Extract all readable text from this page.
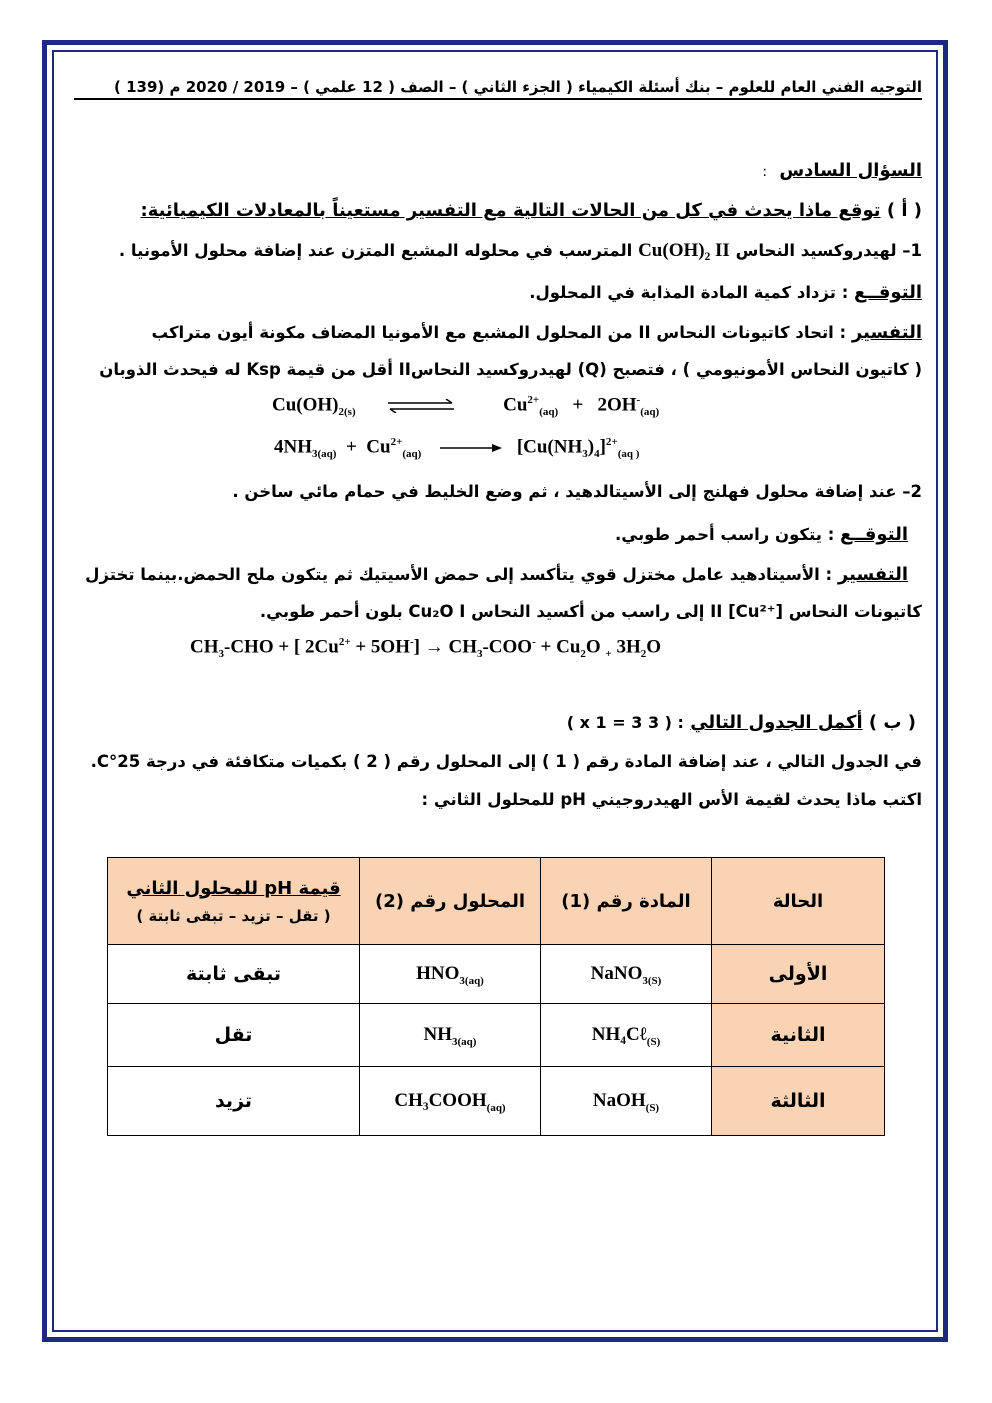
التوجيه الفني العام للعلوم – بنك أسئلة الكيمياء ( الجزء الثاني ) – الصف ( 12 علمي ) – 2019 / 2020 م (139 )
السؤال السادس :
( أ ) توقع ماذا يحدث في كل من الحالات التالية مع التفسير مستعيناً بالمعادلات الكيميائية:
1– لهيدروكسيد النحاس Cu(OH)₂ II المترسب في محلوله المشبع المتزن عند إضافة محلول الأمونيا .
التوقــع : تزداد كمية المادة المذابة في المحلول.
التفسير : اتحاد كاتيونات النحاس II من المحلول المشبع مع الأمونيا المضاف مكونة أيون متراكب
( كاتيون النحاس الأمونيومي ) ، فتصبح (Q) لهيدروكسيد النحاسII أقل من قيمة Ksp له فيحدث الذوبان
$Cu(OH)_{2(s)}$	$Cu^{2+}_{(aq)} + 2OH^-_{(aq)}$
$4NH_{3(aq)} + Cu^{2+}_{(aq)} \to [Cu(NH_3)_4]^{2+}_{(aq )}$
2– عند إضافة محلول فهلنج إلى الأسيتالدهيد ، ثم وضع الخليط في حمام مائي ساخن .
التوقــع : يتكون راسب أحمر طوبي.
التفسير : الأسيتادهيد عامل مختزل قوي يتأكسد إلى حمض الأسيتيك ثم يتكون ملح الحمض.بينما تختزل
كاتيونات النحاس II [Cu²⁺] إلى راسب من أكسيد النحاس Cu₂O I بلون أحمر طوبي.
$CH_3$-CHO + [ $2Cu^{2+} + 5OH^-] \to CH_3-COO^- + Cu_2O$ $_+$ $3H_2O$
( ب ) أكمل الجدول التالي : ( 3 x 1 = 3 )
في الجدول التالي ، عند إضافة المادة رقم ( 1 ) إلى المحلول رقم ( 2 ) بكميات متكافئة في درجة 25°C.
اكتب ماذا يحدث لقيمة الأس الهيدروجيني pH للمحلول الثاني :
الحالة	المادة رقم (1)	المحلول رقم (2)	قيمة pH للمحلول الثاني
( تقل – تزيد – تبقى ثابتة )

الأولى	NaNO$_{3(S)}$	$HNO_{3(aq)}$	تبقى ثابتة
الثانية	NH₄Cℓ$_{(S)}$	$NH_{3(aq)}$	تقل
الثالثة	NaOH$_{(S)}$	$CH_3COOH_{(aq)}$	تزيد
